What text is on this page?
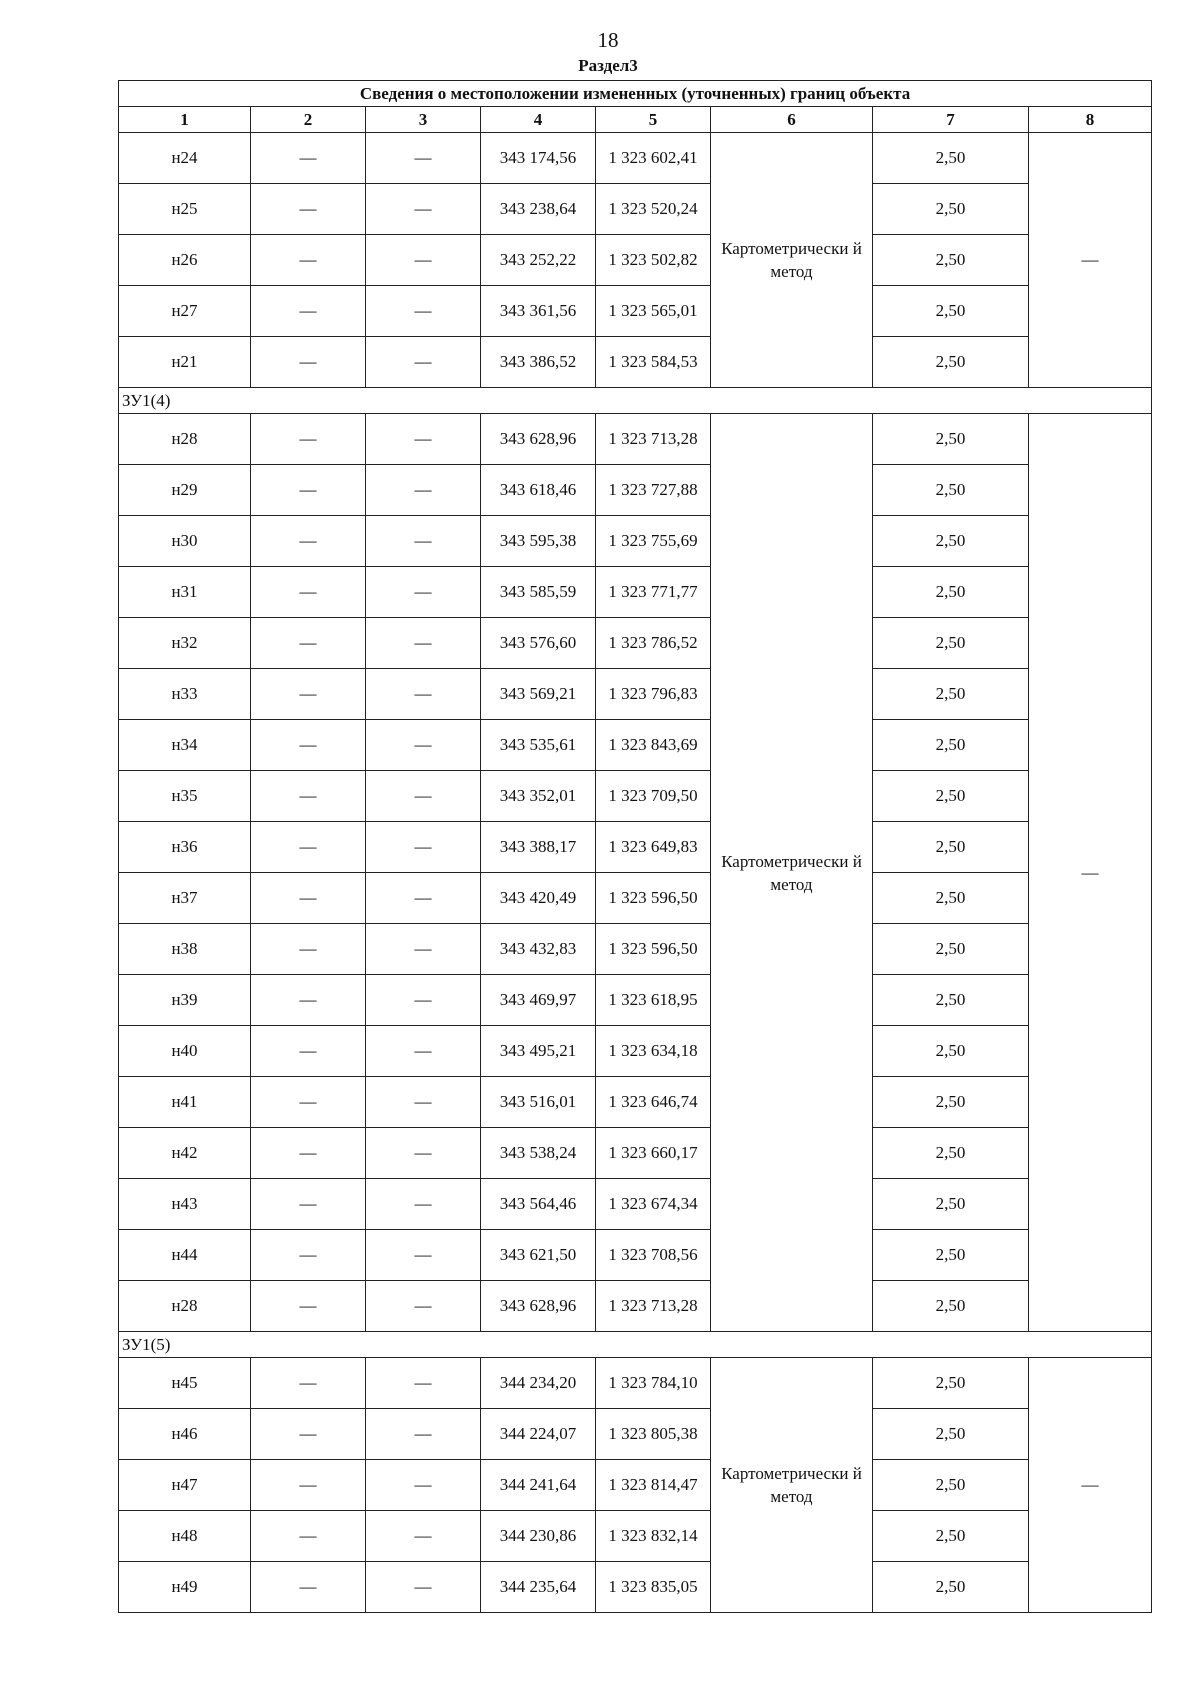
18
Раздел3
Сведения о местоположении измененных (уточненных) границ объекта							
1	2	3	4	5	6	7	8
н24	—	—	343 174,56	1 323 602,41	Картометрически й метод	2,50	—
н25	—	—	343 238,64	1 323 520,24		2,50	
н26	—	—	343 252,22	1 323 502,82		2,50	
н27	—	—	343 361,56	1 323 565,01		2,50	
н21	—	—	343 386,52	1 323 584,53		2,50	
ЗУ1(4)							
н28	—	—	343 628,96	1 323 713,28	Картометрически й метод	2,50	—
н29	—	—	343 618,46	1 323 727,88		2,50	
н30	—	—	343 595,38	1 323 755,69		2,50	
н31	—	—	343 585,59	1 323 771,77		2,50	
н32	—	—	343 576,60	1 323 786,52		2,50	
н33	—	—	343 569,21	1 323 796,83		2,50	
н34	—	—	343 535,61	1 323 843,69		2,50	
н35	—	—	343 352,01	1 323 709,50		2,50	
н36	—	—	343 388,17	1 323 649,83		2,50	
н37	—	—	343 420,49	1 323 596,50		2,50	
н38	—	—	343 432,83	1 323 596,50		2,50	
н39	—	—	343 469,97	1 323 618,95		2,50	
н40	—	—	343 495,21	1 323 634,18		2,50	
н41	—	—	343 516,01	1 323 646,74		2,50	
н42	—	—	343 538,24	1 323 660,17		2,50	
н43	—	—	343 564,46	1 323 674,34		2,50	
н44	—	—	343 621,50	1 323 708,56		2,50	
н28	—	—	343 628,96	1 323 713,28		2,50	
ЗУ1(5)							
н45	—	—	344 234,20	1 323 784,10	Картометрически й метод	2,50	—
н46	—	—	344 224,07	1 323 805,38		2,50	
н47	—	—	344 241,64	1 323 814,47		2,50	
н48	—	—	344 230,86	1 323 832,14		2,50	
н49	—	—	344 235,64	1 323 835,05		2,50	
